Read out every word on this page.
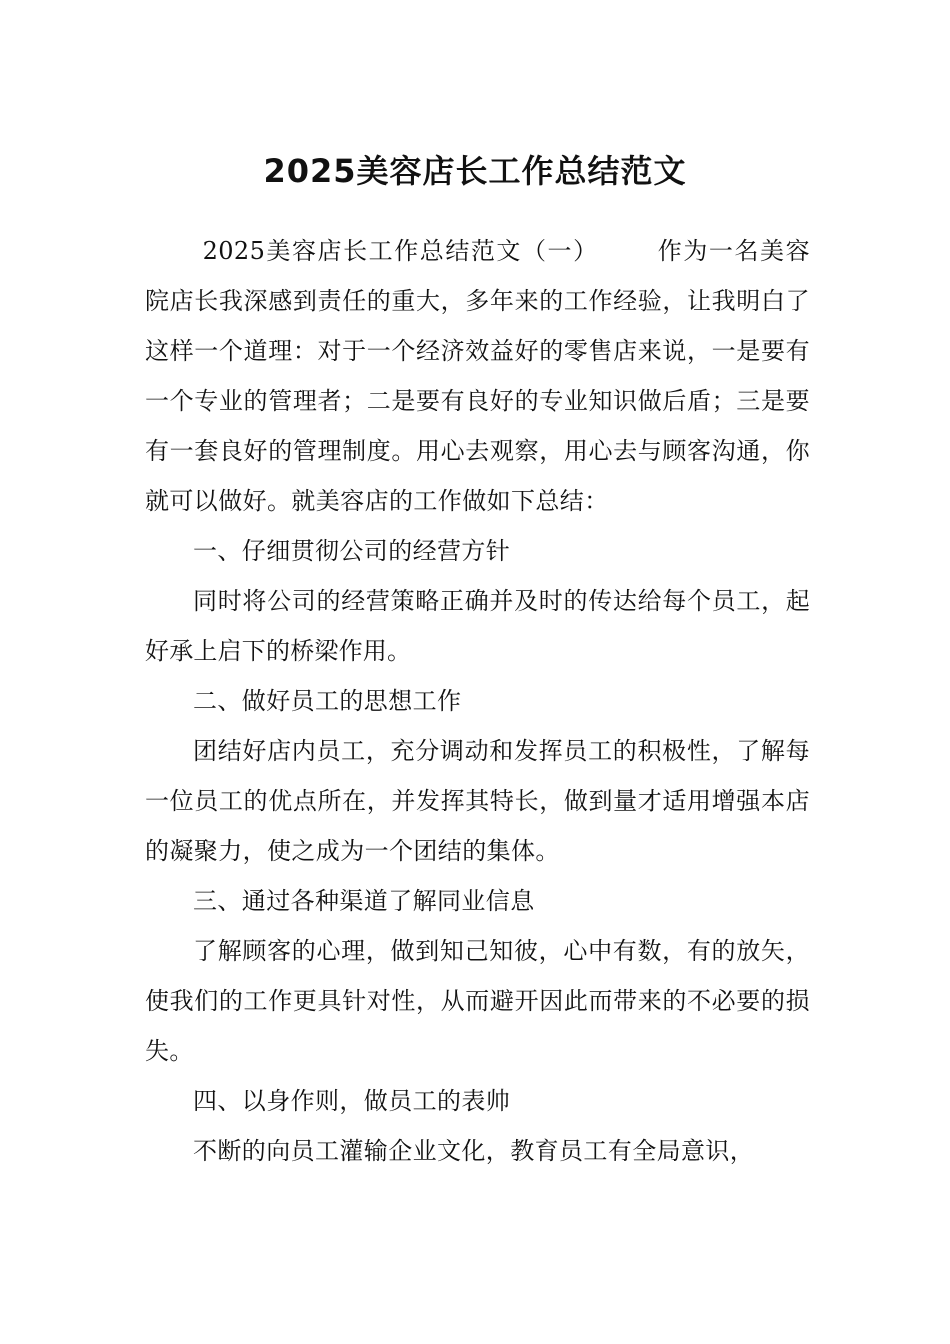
2025美容店长工作总结范文

2025美容店长工作总结范文（一） 作为一名美容院店长我深感到责任的重大，多年来的工作经验，让我明白了这样一个道理：对于一个经济效益好的零售店来说，一是要有一个专业的管理者；二是要有良好的专业知识做后盾；三是要有一套良好的管理制度。用心去观察，用心去与顾客沟通，你就可以做好。就美容店的工作做如下总结：

一、仔细贯彻公司的经营方针

同时将公司的经营策略正确并及时的传达给每个员工，起好承上启下的桥梁作用。

二、做好员工的思想工作

团结好店内员工，充分调动和发挥员工的积极性，了解每一位员工的优点所在，并发挥其特长，做到量才适用增强本店的凝聚力，使之成为一个团结的集体。

三、通过各种渠道了解同业信息

了解顾客的心理，做到知己知彼，心中有数，有的放矢，使我们的工作更具针对性，从而避开因此而带来的不必要的损失。

四、以身作则，做员工的表帅

不断的向员工灌输企业文化，教育员工有全局意识，
